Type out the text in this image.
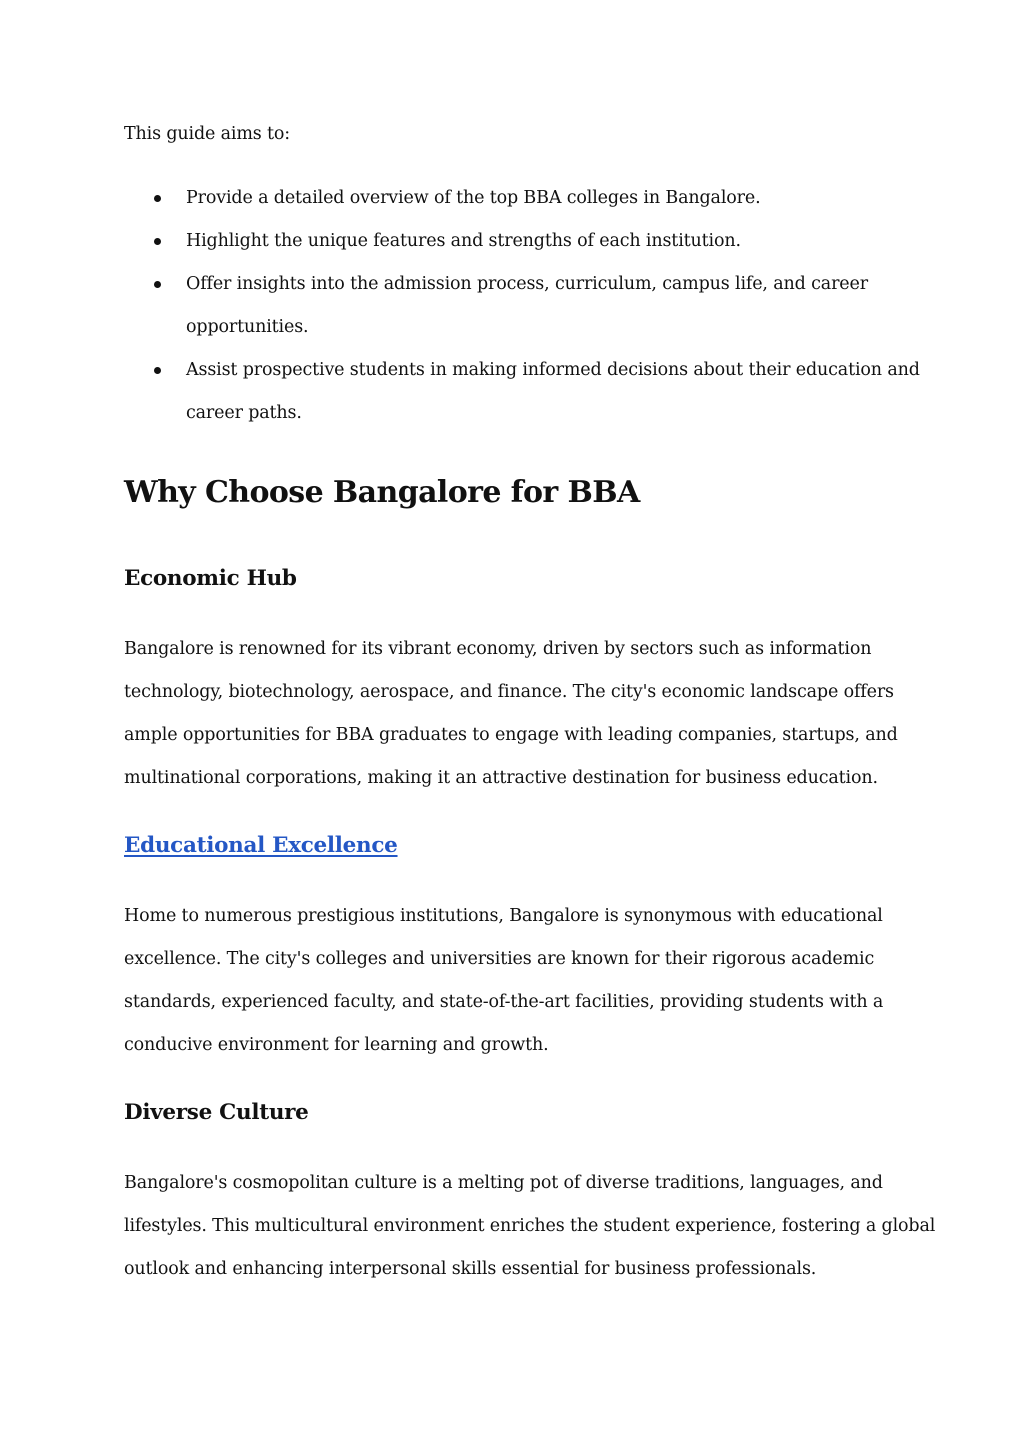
This guide aims to:
Provide a detailed overview of the top BBA colleges in Bangalore.
Highlight the unique features and strengths of each institution.
Offer insights into the admission process, curriculum, campus life, and career
opportunities.
Assist prospective students in making informed decisions about their education and
career paths.
Why Choose Bangalore for BBA
Economic Hub
Bangalore is renowned for its vibrant economy, driven by sectors such as information
technology, biotechnology, aerospace, and finance. The city's economic landscape offers
ample opportunities for BBA graduates to engage with leading companies, startups, and
multinational corporations, making it an attractive destination for business education.
Educational Excellence
Home to numerous prestigious institutions, Bangalore is synonymous with educational
excellence. The city's colleges and universities are known for their rigorous academic
standards, experienced faculty, and state-of-the-art facilities, providing students with a
conducive environment for learning and growth.
Diverse Culture
Bangalore's cosmopolitan culture is a melting pot of diverse traditions, languages, and
lifestyles. This multicultural environment enriches the student experience, fostering a global
outlook and enhancing interpersonal skills essential for business professionals.
